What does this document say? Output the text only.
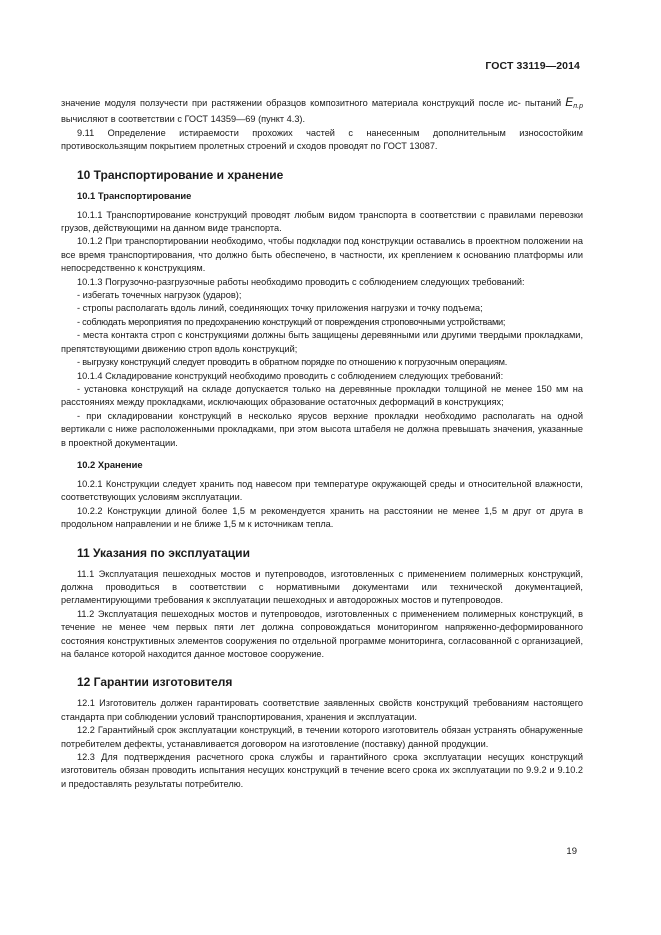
ГОСТ 33119—2014

значение модуля ползучести при растяжении образцов композитного материала конструкций после ис- пытаний $E_{п.р}$ вычисляют в соответствии с ГОСТ 14359—69 (пункт 4.3).

9.11 Определение истираемости прохожих частей с нанесенным дополнительным износостойким противоскользящим покрытием пролетных строений и сходов проводят по ГОСТ 13087.

10 Транспортирование и хранение
10.1 Транспортирование

10.1.1 Транспортирование конструкций проводят любым видом транспорта в соответствии с правилами перевозки грузов, действующими на данном виде транспорта.

10.1.2 При транспортировании необходимо, чтобы подкладки под конструкции оставались в проектном положении на все время транспортирования, что должно быть обеспечено, в частности, их креплением к основанию платформы или непосредственно к конструкциям.

10.1.3 Погрузочно-разгрузочные работы необходимо проводить с соблюдением следующих требований:

- избегать точечных нагрузок (ударов);

- стропы располагать вдоль линий, соединяющих точку приложения нагрузки и точку подъема;

- соблюдать мероприятия по предохранению конструкций от повреждения строповочными устройствами;

- места контакта строп с конструкциями должны быть защищены деревянными или другими твердыми прокладками, препятствующими движению строп вдоль конструкций;

- выгрузку конструкций следует проводить в обратном порядке по отношению к погрузочным операциям.

10.1.4 Складирование конструкций необходимо проводить с соблюдением следующих требований:

- установка конструкций на складе допускается только на деревянные прокладки толщиной не менее 150 мм на расстояниях между прокладками, исключающих образование остаточных деформаций в конструкциях;

- при складировании конструкций в несколько ярусов верхние прокладки необходимо располагать на одной вертикали с ниже расположенными прокладками, при этом высота штабеля не должна превышать значения, указанные в проектной документации.

10.2 Хранение

10.2.1 Конструкции следует хранить под навесом при температуре окружающей среды и относительной влажности, соответствующих условиям эксплуатации.

10.2.2 Конструкции длиной более 1,5 м рекомендуется хранить на расстоянии не менее 1,5 м друг от друга в продольном направлении и не ближе 1,5 м к источникам тепла.

11 Указания по эксплуатации

11.1 Эксплуатация пешеходных мостов и путепроводов, изготовленных с применением полимерных конструкций, должна проводиться в соответствии с нормативными документами или технической документацией, регламентирующими требования к эксплуатации пешеходных и автодорожных мостов и путепроводов.

11.2 Эксплуатация пешеходных мостов и путепроводов, изготовленных с применением полимерных конструкций, в течение не менее чем первых пяти лет должна сопровождаться мониторингом напряженно-деформированного состояния конструктивных элементов сооружения по отдельной программе мониторинга, согласованной с организацией, на балансе которой находится данное мостовое сооружение.

12 Гарантии изготовителя

12.1 Изготовитель должен гарантировать соответствие заявленных свойств конструкций требованиям настоящего стандарта при соблюдении условий транспортирования, хранения и эксплуатации.

12.2 Гарантийный срок эксплуатации конструкций, в течении которого изготовитель обязан устранять обнаруженные потребителем дефекты, устанавливается договором на изготовление (поставку) данной продукции.

12.3 Для подтверждения расчетного срока службы и гарантийного срока эксплуатации несущих конструкций изготовитель обязан проводить испытания несущих конструкций в течение всего срока их эксплуатации по 9.9.2 и 9.10.2 и предоставлять результаты потребителю.

19
